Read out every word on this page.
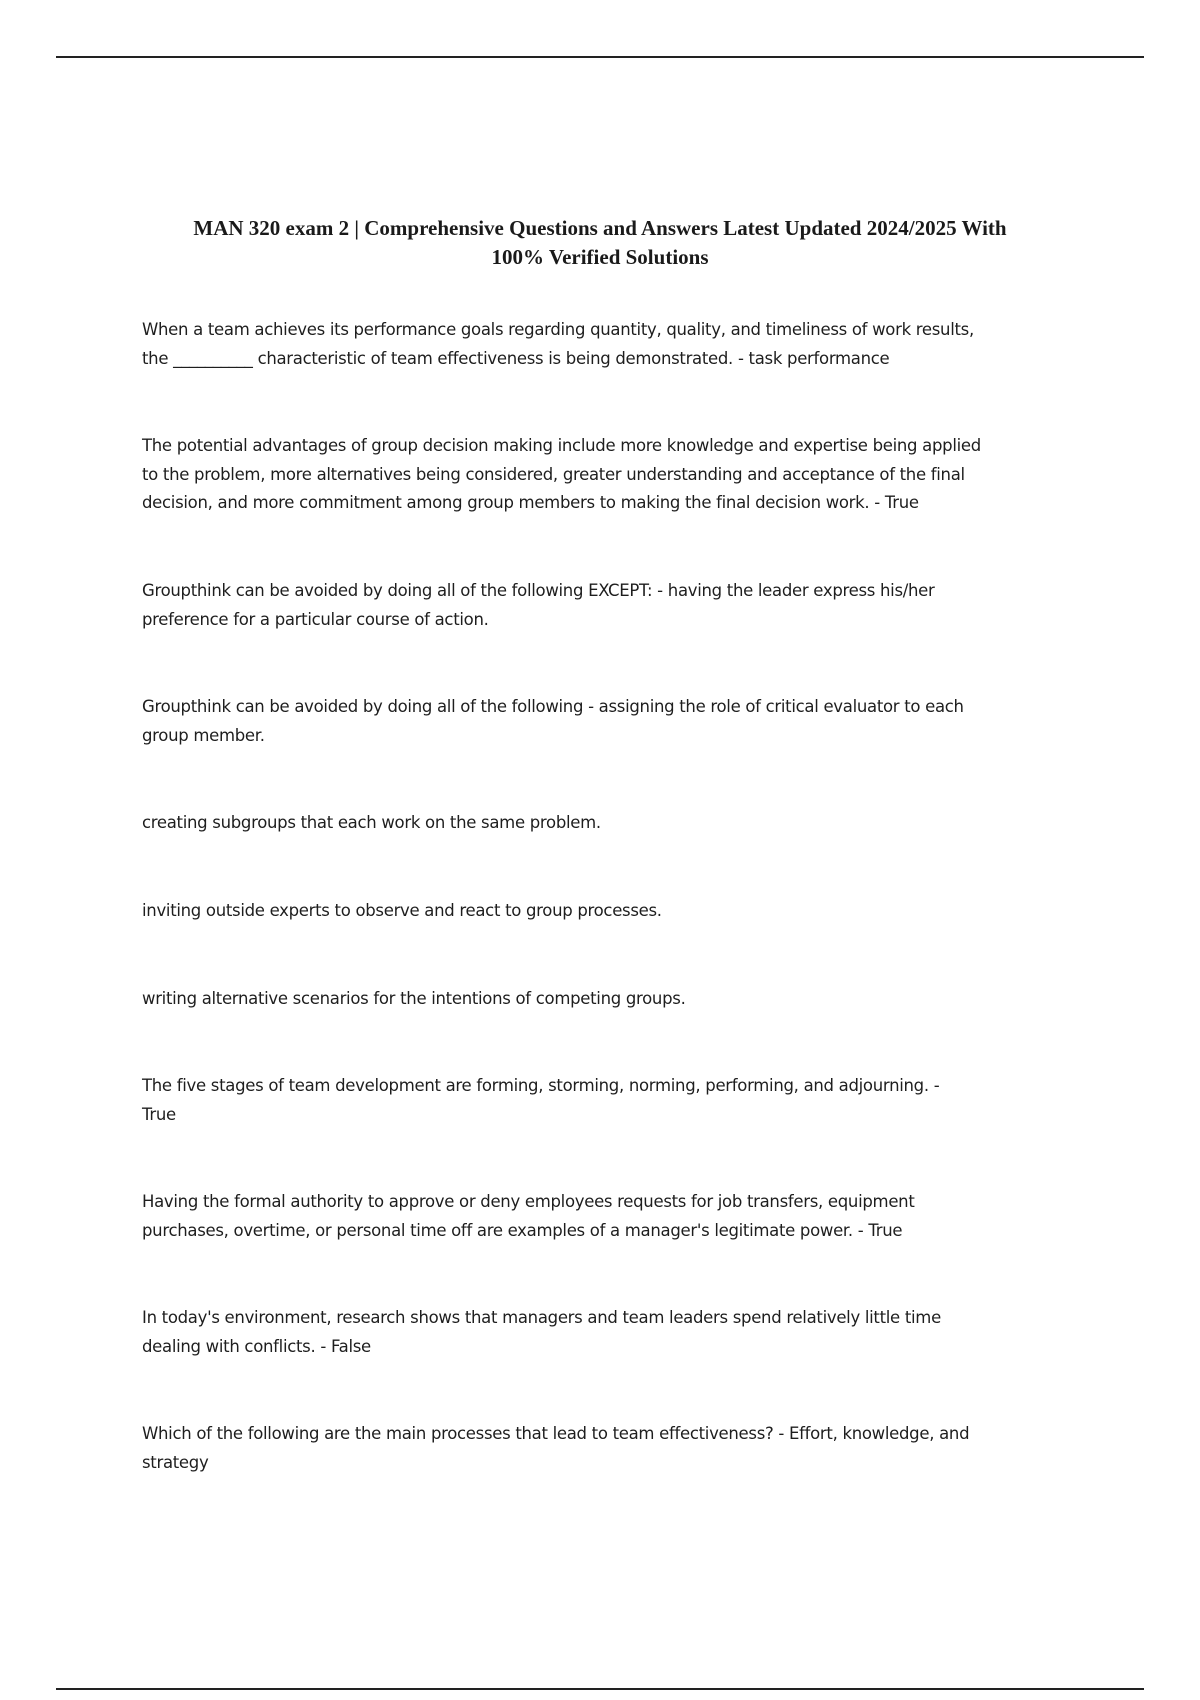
MAN 320 exam 2 | Comprehensive Questions and Answers Latest Updated 2024/2025 With
100% Verified Solutions

When a team achieves its performance goals regarding quantity, quality, and timeliness of work results,
the __________ characteristic of team effectiveness is being demonstrated. - task performance

The potential advantages of group decision making include more knowledge and expertise being applied
to the problem, more alternatives being considered, greater understanding and acceptance of the final
decision, and more commitment among group members to making the final decision work. - True

Groupthink can be avoided by doing all of the following EXCEPT: - having the leader express his/her
preference for a particular course of action.

Groupthink can be avoided by doing all of the following - assigning the role of critical evaluator to each
group member.

creating subgroups that each work on the same problem.

inviting outside experts to observe and react to group processes.

writing alternative scenarios for the intentions of competing groups.

The five stages of team development are forming, storming, norming, performing, and adjourning. -
True

Having the formal authority to approve or deny employees requests for job transfers, equipment
purchases, overtime, or personal time off are examples of a manager's legitimate power. - True

In today's environment, research shows that managers and team leaders spend relatively little time
dealing with conflicts. - False

Which of the following are the main processes that lead to team effectiveness? - Effort, knowledge, and
strategy
